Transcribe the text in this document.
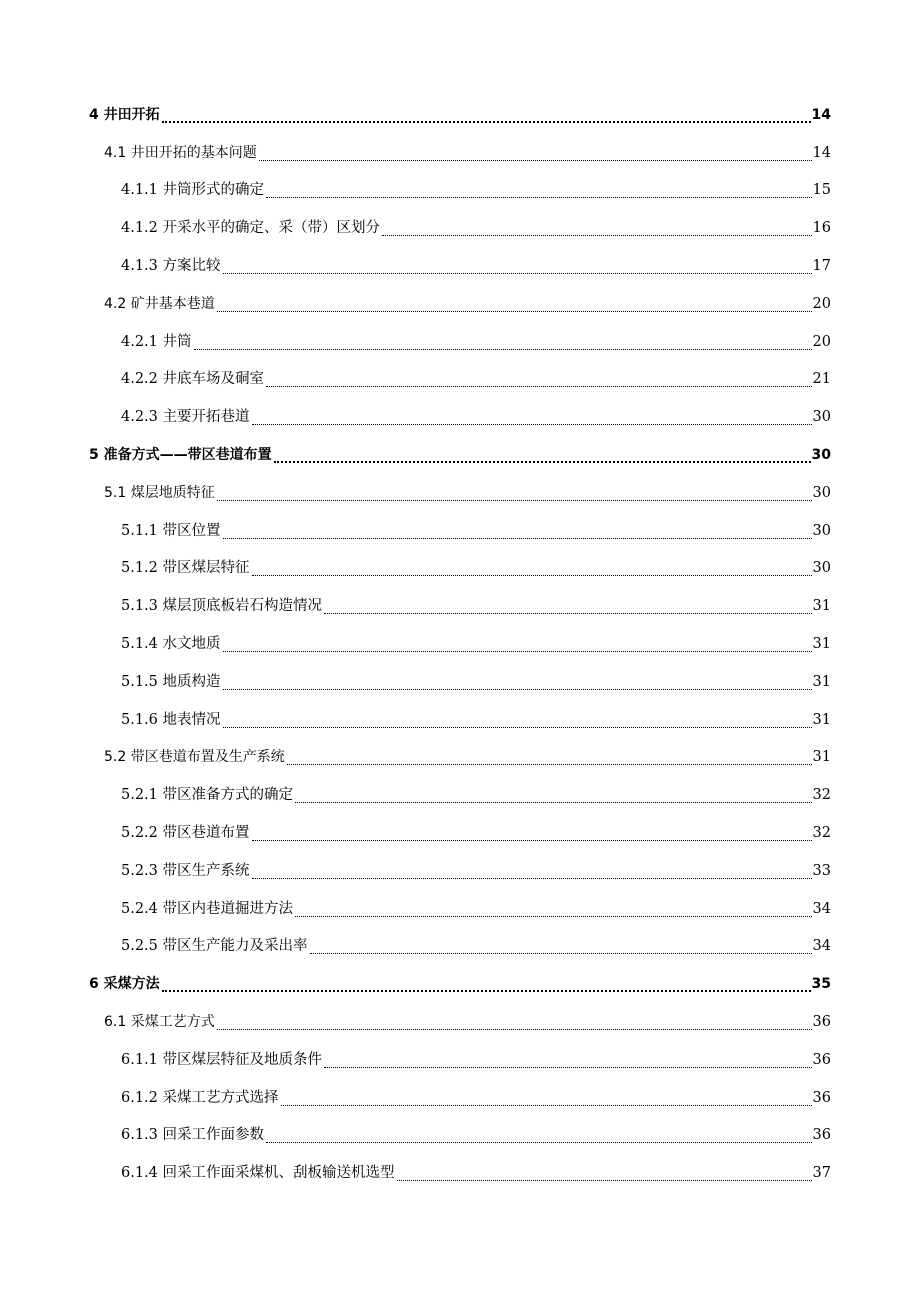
4 井田开拓	14
4.1 井田开拓的基本问题	14
4.1.1 井筒形式的确定	15
4.1.2 开采水平的确定、采（带）区划分	16
4.1.3 方案比较	17
4.2 矿井基本巷道	20
4.2.1 井筒	20
4.2.2 井底车场及硐室	21
4.2.3 主要开拓巷道	30
5 准备方式——带区巷道布置	30
5.1 煤层地质特征	30
5.1.1 带区位置	30
5.1.2 带区煤层特征	30
5.1.3 煤层顶底板岩石构造情况	31
5.1.4 水文地质	31
5.1.5 地质构造	31
5.1.6 地表情况	31
5.2 带区巷道布置及生产系统	31
5.2.1 带区准备方式的确定	32
5.2.2 带区巷道布置	32
5.2.3 带区生产系统	33
5.2.4 带区内巷道掘进方法	34
5.2.5 带区生产能力及采出率	34
6 采煤方法	35
6.1 采煤工艺方式	36
6.1.1 带区煤层特征及地质条件	36
6.1.2 采煤工艺方式选择	36
6.1.3 回采工作面参数	36
6.1.4 回采工作面采煤机、刮板输送机选型	37
